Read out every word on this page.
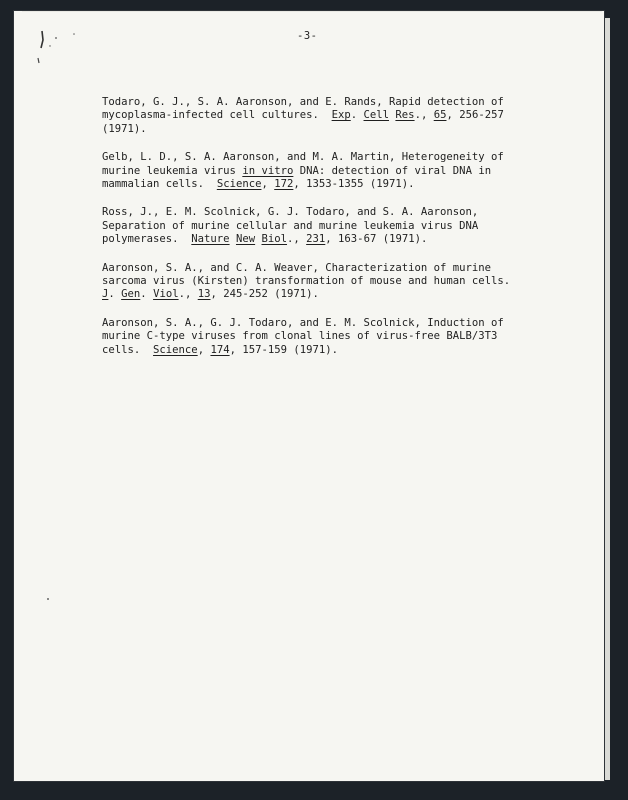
-3-
Todaro, G. J., S. A. Aaronson, and E. Rands, Rapid detection of
mycoplasma-infected cell cultures.  Exp. Cell Res., 65, 256-257
(1971).
Gelb, L. D., S. A. Aaronson, and M. A. Martin, Heterogeneity of
murine leukemia virus in vitro DNA: detection of viral DNA in
mammalian cells.  Science, 172, 1353-1355 (1971).
Ross, J., E. M. Scolnick, G. J. Todaro, and S. A. Aaronson,
Separation of murine cellular and murine leukemia virus DNA
polymerases.  Nature New Biol., 231, 163-67 (1971).
Aaronson, S. A., and C. A. Weaver, Characterization of murine
sarcoma virus (Kirsten) transformation of mouse and human cells.
J. Gen. Viol., 13, 245-252 (1971).
Aaronson, S. A., G. J. Todaro, and E. M. Scolnick, Induction of
murine C-type viruses from clonal lines of virus-free BALB/3T3
cells.  Science, 174, 157-159 (1971).
